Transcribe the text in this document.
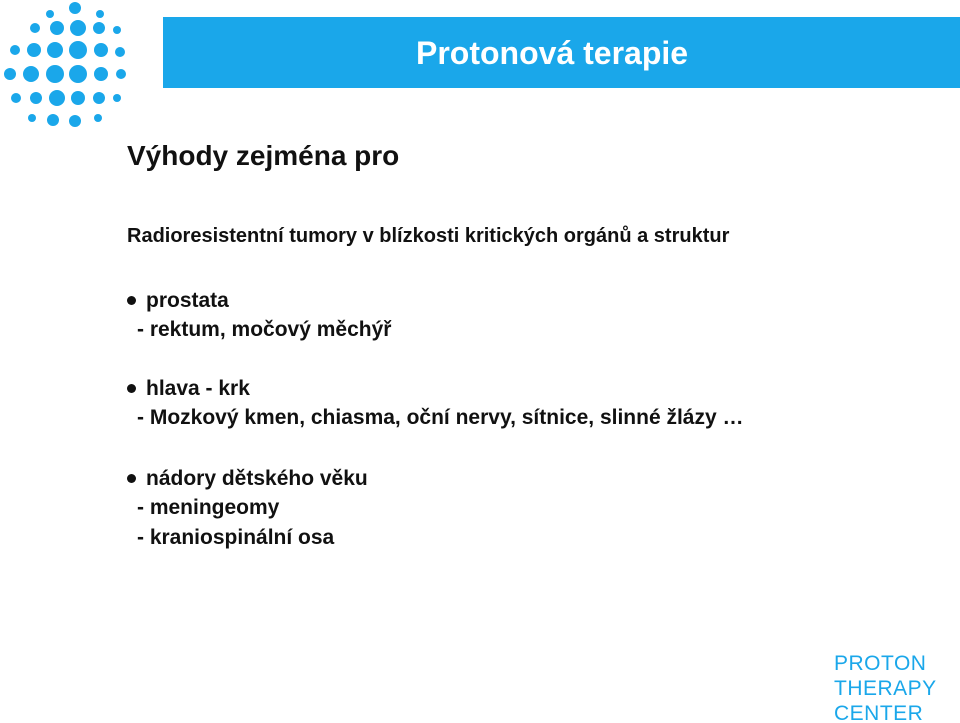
Protonová terapie
Výhody zejména pro
Radioresistentní tumory v blízkosti kritických orgánů a struktur
prostata
- rektum, močový měchýř
hlava - krk
- Mozkový kmen, chiasma, oční nervy, sítnice, slinné žlázy …
nádory dětského věku
- meningeomy
- kraniospinální osa
PROTON
THERAPY
CENTER
